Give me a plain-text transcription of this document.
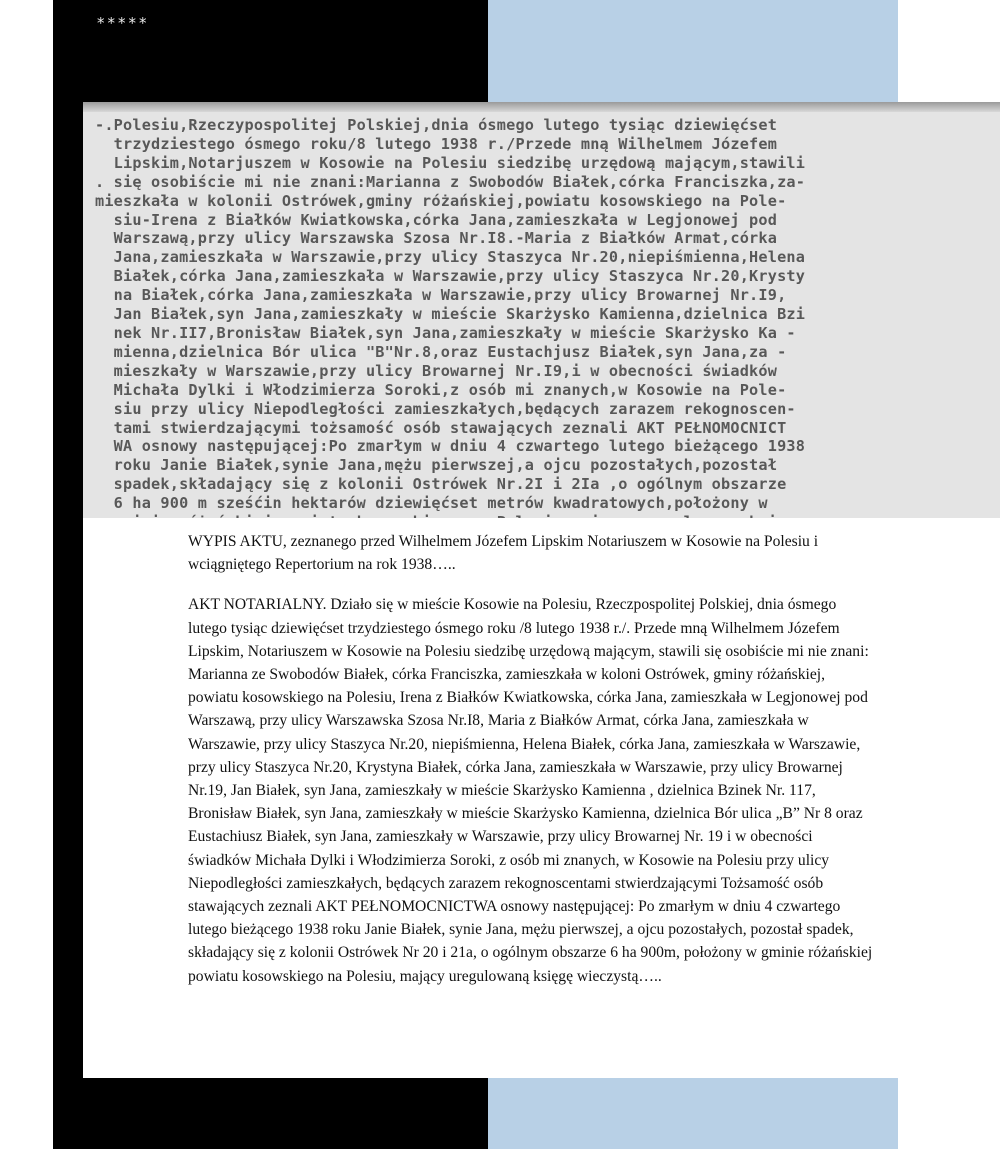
*****
-.Polesiu,Rzeczypospolitej Polskiej,dnia ósmego lutego tysiąc dziewięćset
trzydziestego ósmego roku/8 lutego 1938 r./Przede mną Wilhelmem Józefem
Lipskim,Notarjuszem w Kosowie na Polesiu siedzibę urzędową mającym,stawili
. się osobiście mi nie znani:Marianna z Swobodów Białek,córka Franciszka,za-
mieszkała w kolonii Ostrówek,gminy różańskiej,powiatu kosowskiego na Pole-
siu-Irena z Białków Kwiatkowska,córka Jana,zamieszkała w Legjonowej pod
Warszawą,przy ulicy Warszawska Szosa Nr.I8.-Maria z Białków Armat,córka
Jana,zamieszkała w Warszawie,przy ulicy Staszyca Nr.20,niepiśmienna,Helena
Białek,córka Jana,zamieszkała w Warszawie,przy ulicy Staszyca Nr.20,Krysty
na Białek,córka Jana,zamieszkała w Warszawie,przy ulicy Browarnej Nr.I9,
Jan Białek,syn Jana,zamieszkały w mieście Skarżysko Kamienna,dzielnica Bzi
nek Nr.II7,Bronisław Białek,syn Jana,zamieszkały w mieście Skarżysko Ka -
mienna,dzielnica Bór ulica "B"Nr.8,oraz Eustachjusz Białek,syn Jana,za -
mieszkały w Warszawie,przy ulicy Browarnej Nr.I9,i w obecności świadków
Michała Dylki i Włodzimierza Soroki,z osób mi znanych,w Kosowie na Pole-
siu przy ulicy Niepodległości zamieszkałych,będących zarazem rekognoscen-
tami stwierdzającymi tożsamość osób stawających zeznali AKT PEŁNOMOCNICT
WA osnowy następującej:Po zmarłym w dniu 4 czwartego lutego bieżącego 1938
roku Janie Białek,synie Jana,mężu pierwszej,a ojcu pozostałych,pozostał
spadek,składający się z kolonii Ostrówek Nr.2I i 2Ia ,o ogólnym obszarze
6 ha 900 m sześćin hektarów dziewięćset metrów kwadratowych,położony w

WYPIS AKTU, zeznanego przed Wilhelmem Józefem Lipskim Notariuszem w Kosowie na Polesiu i wciągniętego Repertorium na rok 1938…..

AKT NOTARIALNY. Działo się w mieście Kosowie na Polesiu, Rzeczpospolitej Polskiej, dnia ósmego lutego tysiąc dziewięćset trzydziestego ósmego roku /8 lutego 1938 r./. Przede mną Wilhelmem Józefem Lipskim, Notariuszem w Kosowie na Polesiu siedzibę urzędową mającym, stawili się osobiście mi nie znani: Marianna ze Swobodów Białek, córka Franciszka, zamieszkała w koloni Ostrówek, gminy różańskiej, powiatu kosowskiego na Polesiu, Irena z Białków Kwiatkowska, córka Jana, zamieszkała w Legjonowej pod Warszawą, przy ulicy Warszawska Szosa Nr.I8, Maria z Białków Armat, córka Jana, zamieszkała w Warszawie, przy ulicy Staszyca Nr.20, niepiśmienna, Helena Białek, córka Jana, zamieszkała w Warszawie, przy ulicy Staszyca Nr.20, Krystyna Białek, córka Jana, zamieszkała w Warszawie, przy ulicy Browarnej Nr.19, Jan Białek, syn Jana, zamieszkały w mieście Skarżysko Kamienna , dzielnica Bzinek Nr. 117, Bronisław Białek, syn Jana, zamieszkały w mieście Skarżysko Kamienna, dzielnica Bór ulica „B” Nr 8 oraz Eustachiusz Białek, syn Jana, zamieszkały w Warszawie, przy ulicy Browarnej Nr. 19 i w obecności świadków Michała Dylki i Włodzimierza Soroki, z osób mi znanych, w Kosowie na Polesiu przy ulicy Niepodległości zamieszkałych, będących zarazem rekognoscentami stwierdzającymi Tożsamość osób stawających zeznali AKT PEŁNOMOCNICTWA osnowy następującej: Po zmarłym w dniu 4 czwartego lutego bieżącego 1938 roku Janie Białek, synie Jana, mężu pierwszej, a ojcu pozostałych, pozostał spadek, składający się z kolonii Ostrówek Nr 20 i 21a, o ogólnym obszarze 6 ha 900m, położony w gminie różańskiej powiatu kosowskiego na Polesiu, mający uregulowaną księgę wieczystą…..
